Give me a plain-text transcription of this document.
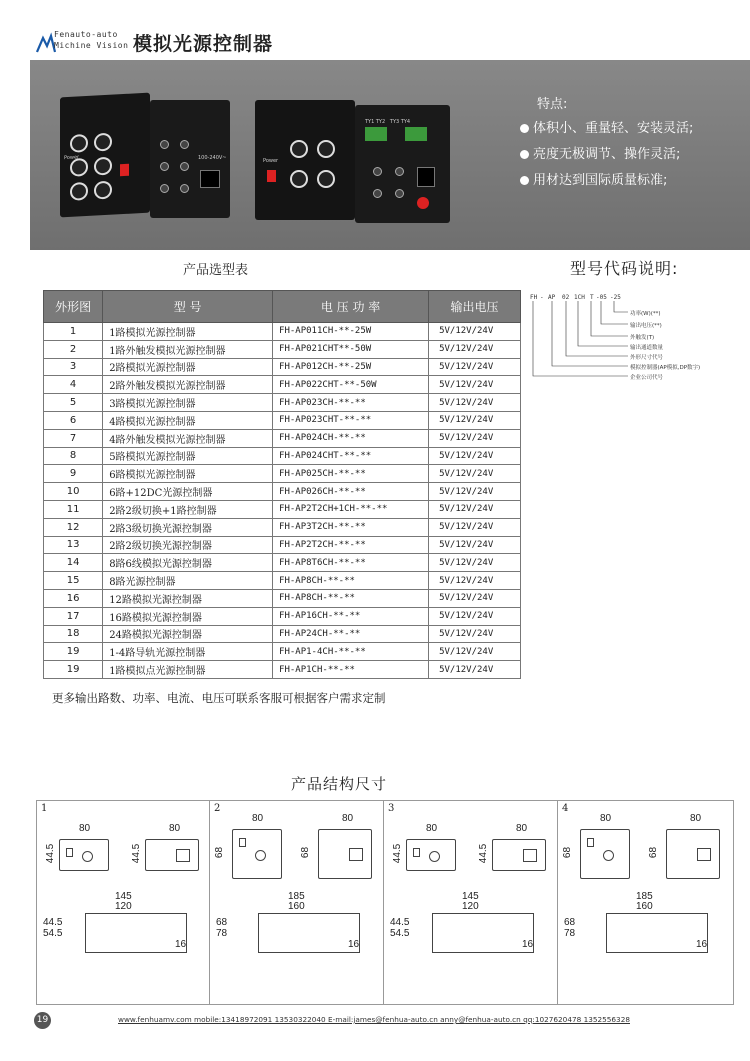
Fenauto-auto
Michine Vision 模拟光源控制器
Power	100-240V~	Power
TY1 TY2   TY3 TY4
特点:
体积小、重量轻、安装灵活;
亮度无极调节、操作灵活;
用材达到国际质量标准;
产品选型表	型号代码说明:
外形图	型 号	电 压 功 率	输出电压
1	1路模拟光源控制器	FH-AP011CH-**-25W	5V/12V/24V
2	1路外触发模拟光源控制器	FH-AP021CHT**-50W	5V/12V/24V
3	2路模拟光源控制器	FH-AP012CH-**-25W	5V/12V/24V
4	2路外触发模拟光源控制器	FH-AP022CHT-**-50W	5V/12V/24V
5	3路模拟光源控制器	FH-AP023CH-**-**	5V/12V/24V
6	4路模拟光源控制器	FH-AP023CHT-**-**	5V/12V/24V
7	4路外触发模拟光源控制器	FH-AP024CH-**-**	5V/12V/24V
8	5路模拟光源控制器	FH-AP024CHT-**-**	5V/12V/24V
9	6路模拟光源控制器	FH-AP025CH-**-**	5V/12V/24V
10	6路+12DC光源控制器	FH-AP026CH-**-**	5V/12V/24V
11	2路2级切换+1路控制器	FH-AP2T2CH+1CH-**-**	5V/12V/24V
12	2路3级切换光源控制器	FH-AP3T2CH-**-**	5V/12V/24V
13	2路2级切换光源控制器	FH-AP2T2CH-**-**	5V/12V/24V
14	8路6线模拟光源控制器	FH-AP8T6CH-**-**	5V/12V/24V
15	8路光源控制器	FH-AP8CH-**-**	5V/12V/24V
16	12路模拟光源控制器	FH-AP8CH-**-**	5V/12V/24V
17	16路模拟光源控制器	FH-AP16CH-**-**	5V/12V/24V
18	24路模拟光源控制器	FH-AP24CH-**-**	5V/12V/24V
19	1-4路导轨光源控制器	FH-AP1-4CH-**-**	5V/12V/24V
19	1路模拟点光源控制器	FH-AP1CH-**-**	5V/12V/24V
FH - AP 02 1CH T -05 -25
功率(W)(**)
输出电压(**)
外触发(T)
输出通道数量
外形尺寸代号
模拟控制器(AP模拟,DP数字)
企业公司代号
更多输出路数、功率、电流、电压可联系客服可根据客户需求定制
产品结构尺寸
1
80
44.5
80
44.5
145
120
44.5
54.5
16
2
80
68
80
68
185
160
68
78
16
3
80
44.5
80
44.5
145
120
44.5
54.5
16
4
80
68
80
68
185
160
68
78
16
19	www.fenhuamv.com mobile:13418972091 13530322040 E-mail:james@fenhua-auto.cn anny@fenhua-auto.cn qq:1027620478 1352556328
